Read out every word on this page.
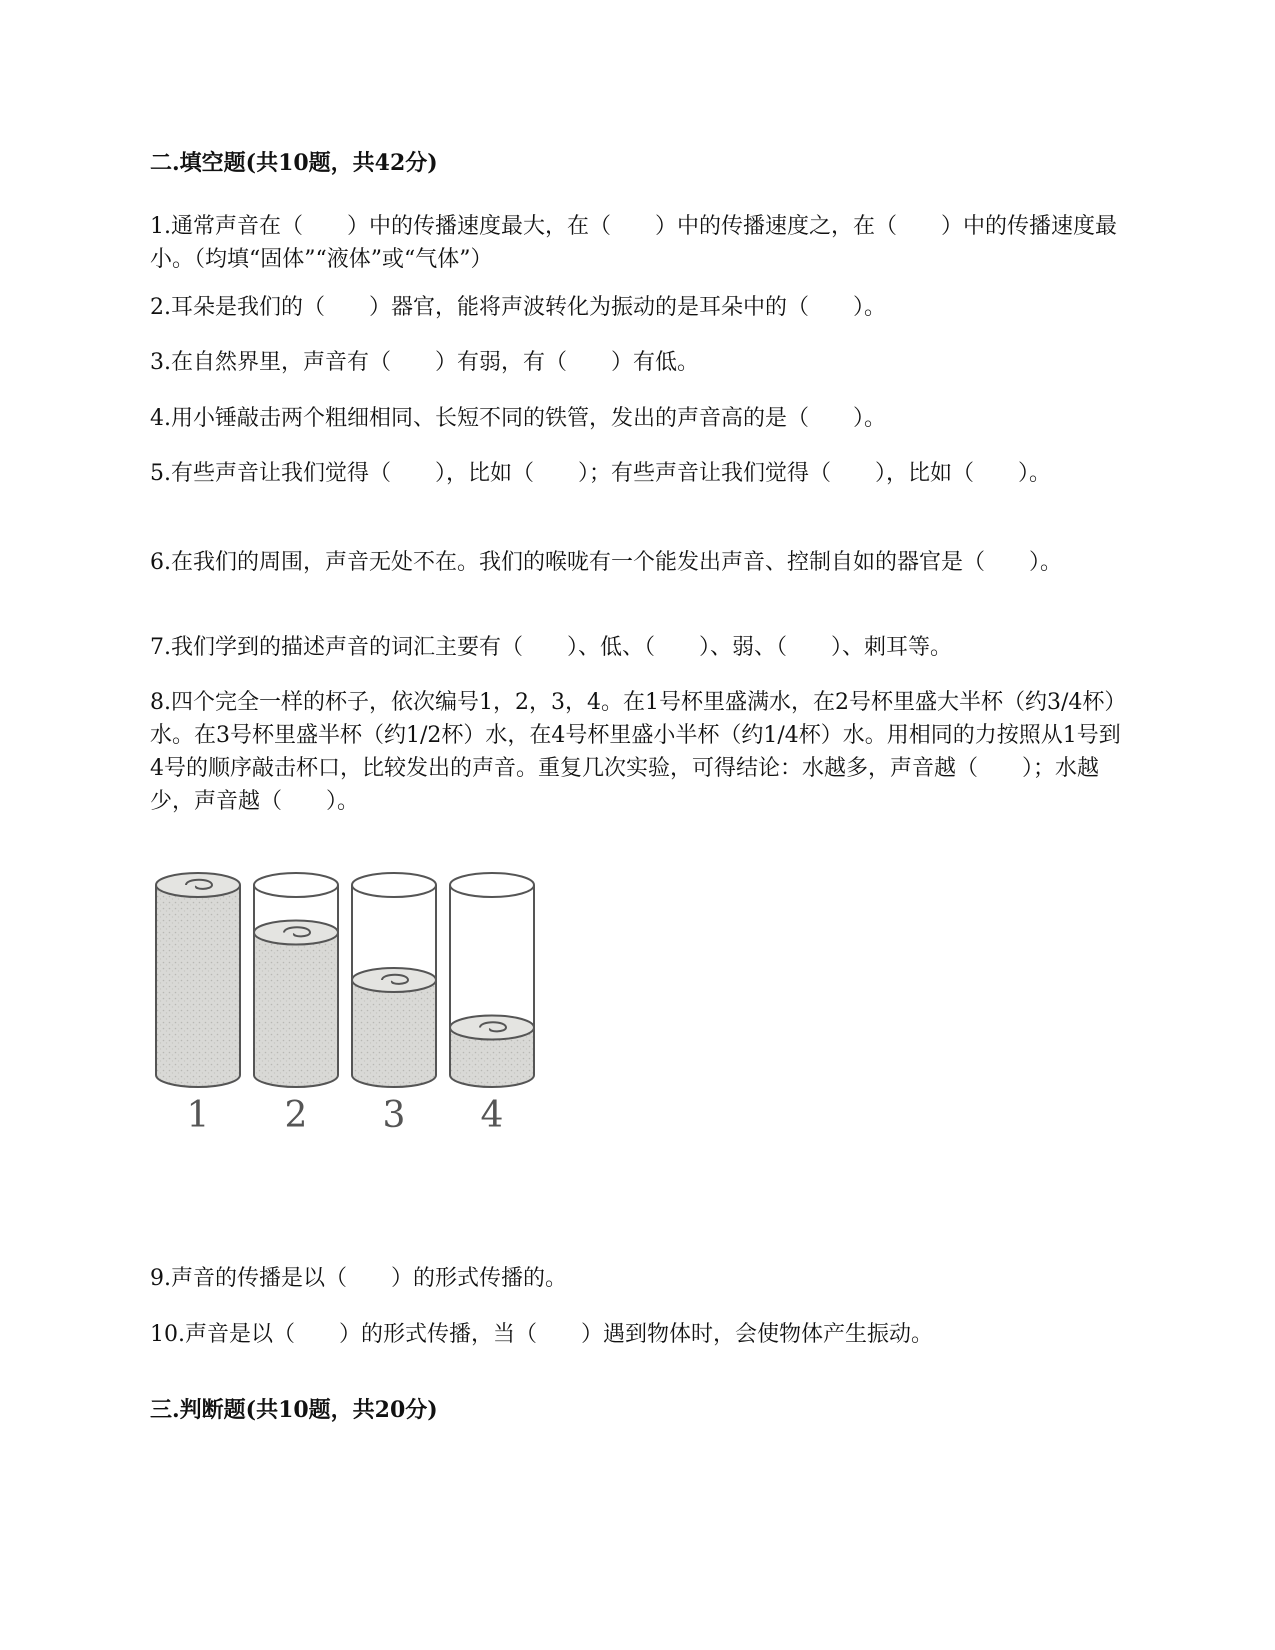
二.填空题(共10题，共42分)
1.通常声音在（　　）中的传播速度最大，在（　　）中的传播速度之，在（　　）中的传播速度最小。（均填“固体”“液体”或“气体”）
2.耳朵是我们的（　　）器官，能将声波转化为振动的是耳朵中的（　　）。
3.在自然界里，声音有（　　）有弱，有（　　）有低。
4.用小锤敲击两个粗细相同、长短不同的铁管，发出的声音高的是（　　）。
5.有些声音让我们觉得（　　），比如（　　）；有些声音让我们觉得（　　），比如（　　）。
6.在我们的周围，声音无处不在。我们的喉咙有一个能发出声音、控制自如的器官是（　　）。
7.我们学到的描述声音的词汇主要有（　　）、低、（　　）、弱、（　　）、刺耳等。
8.四个完全一样的杯子，依次编号1，2，3，4。在1号杯里盛满水，在2号杯里盛大半杯（约3/4杯）水。在3号杯里盛半杯（约1/2杯）水，在4号杯里盛小半杯（约1/4杯）水。用相同的力按照从1号到4号的顺序敲击杯口，比较发出的声音。重复几次实验，可得结论：水越多，声音越（　　）；水越少，声音越（　　）。
1 2 3 4
9.声音的传播是以（　　）的形式传播的。
10.声音是以（　　）的形式传播，当（　　）遇到物体时，会使物体产生振动。
三.判断题(共10题，共20分)
